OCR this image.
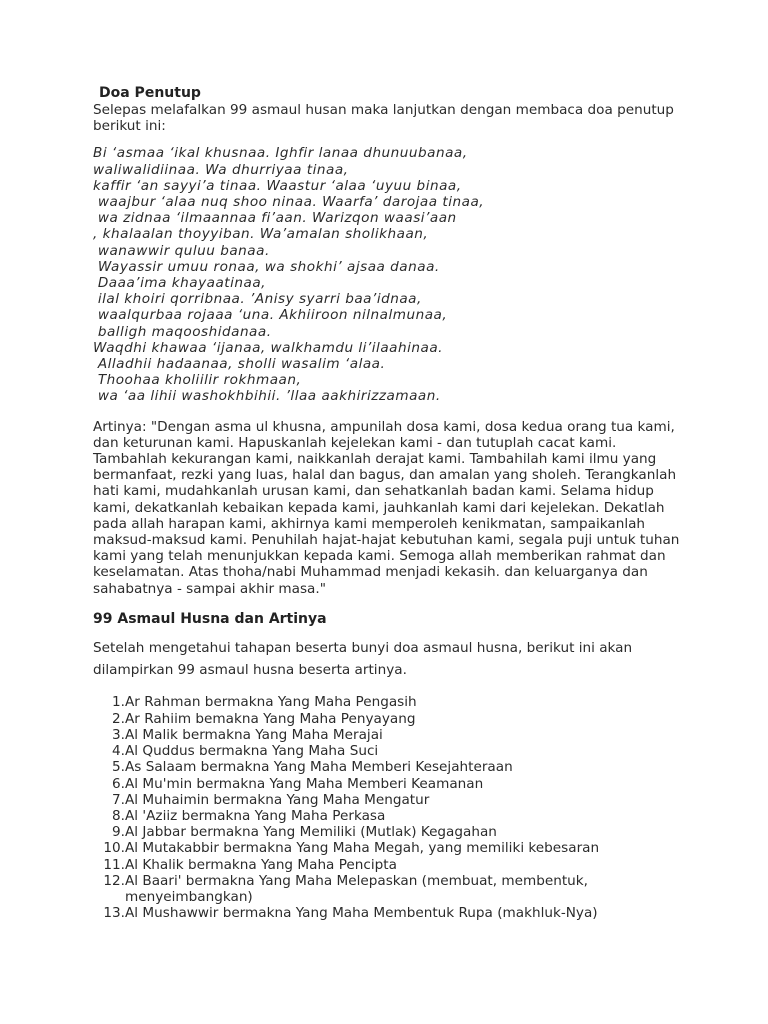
Doa Penutup

Selepas melafalkan 99 asmaul husan maka lanjutkan dengan membaca doa penutup berikut ini:

Bi ‘asmaa ‘ikal khusnaa. Ighfir lanaa dhunuubanaa,
waliwalidiinaa. Wa dhurriyaa tinaa,
kaffir ‘an sayyi’a tinaa. Waastur ‘alaa ‘uyuu binaa,
waajbur ‘alaa nuq shoo ninaa. Waarfa’ darojaa tinaa,
wa zidnaa ‘ilmaannaa fi’aan. Warizqon waasi’aan
, khalaalan thoyyiban. Wa’amalan sholikhaan,
wanawwir quluu banaa.
Wayassir umuu ronaa, wa shokhi’ ajsaa danaa.
Daaa’ima khayaatinaa,
ilal khoiri qorribnaa. ’Anisy syarri baa’idnaa,
waalqurbaa rojaaa ‘una. Akhiiroon nilnalmunaa,
balligh maqooshidanaa.
Waqdhi khawaa ‘ijanaa, walkhamdu li’ilaahinaa.
Alladhii hadaanaa, sholli wasalim ‘alaa.
Thoohaa kholiilir rokhmaan,
wa ‘aa lihii washokhbihii. ’llaa aakhirizzamaan.

Artinya: "Dengan asma ul khusna, ampunilah dosa kami, dosa kedua orang tua kami, dan keturunan kami. Hapuskanlah kejelekan kami - dan tutuplah cacat kami. Tambahlah kekurangan kami, naikkanlah derajat kami. Tambahilah kami ilmu yang bermanfaat, rezki yang luas, halal dan bagus, dan amalan yang sholeh. Terangkanlah hati kami, mudahkanlah urusan kami, dan sehatkanlah badan kami. Selama hidup kami, dekatkanlah kebaikan kepada kami, jauhkanlah kami dari kejelekan. Dekatlah pada allah harapan kami, akhirnya kami memperoleh kenikmatan, sampaikanlah maksud-maksud kami. Penuhilah hajat-hajat kebutuhan kami, segala puji untuk tuhan kami yang telah menunjukkan kepada kami. Semoga allah memberikan rahmat dan keselamatan. Atas thoha/nabi Muhammad menjadi kekasih. dan keluarganya dan sahabatnya - sampai akhir masa."

99 Asmaul Husna dan Artinya

Setelah mengetahui tahapan beserta bunyi doa asmaul husna, berikut ini akan dilampirkan 99 asmaul husna beserta artinya.

1. Ar Rahman bermakna Yang Maha Pengasih
2. Ar Rahiim bemakna Yang Maha Penyayang
3. Al Malik bermakna Yang Maha Merajai
4. Al Quddus bermakna Yang Maha Suci
5. As Salaam bermakna Yang Maha Memberi Kesejahteraan
6. Al Mu'min bermakna Yang Maha Memberi Keamanan
7. Al Muhaimin bermakna Yang Maha Mengatur
8. Al 'Aziiz bermakna Yang Maha Perkasa
9. Al Jabbar bermakna Yang Memiliki (Mutlak) Kegagahan
10. Al Mutakabbir bermakna Yang Maha Megah, yang memiliki kebesaran
11. Al Khalik bermakna Yang Maha Pencipta
12. Al Baari' bermakna Yang Maha Melepaskan (membuat, membentuk, menyeimbangkan)
13. Al Mushawwir bermakna Yang Maha Membentuk Rupa (makhluk-Nya)
